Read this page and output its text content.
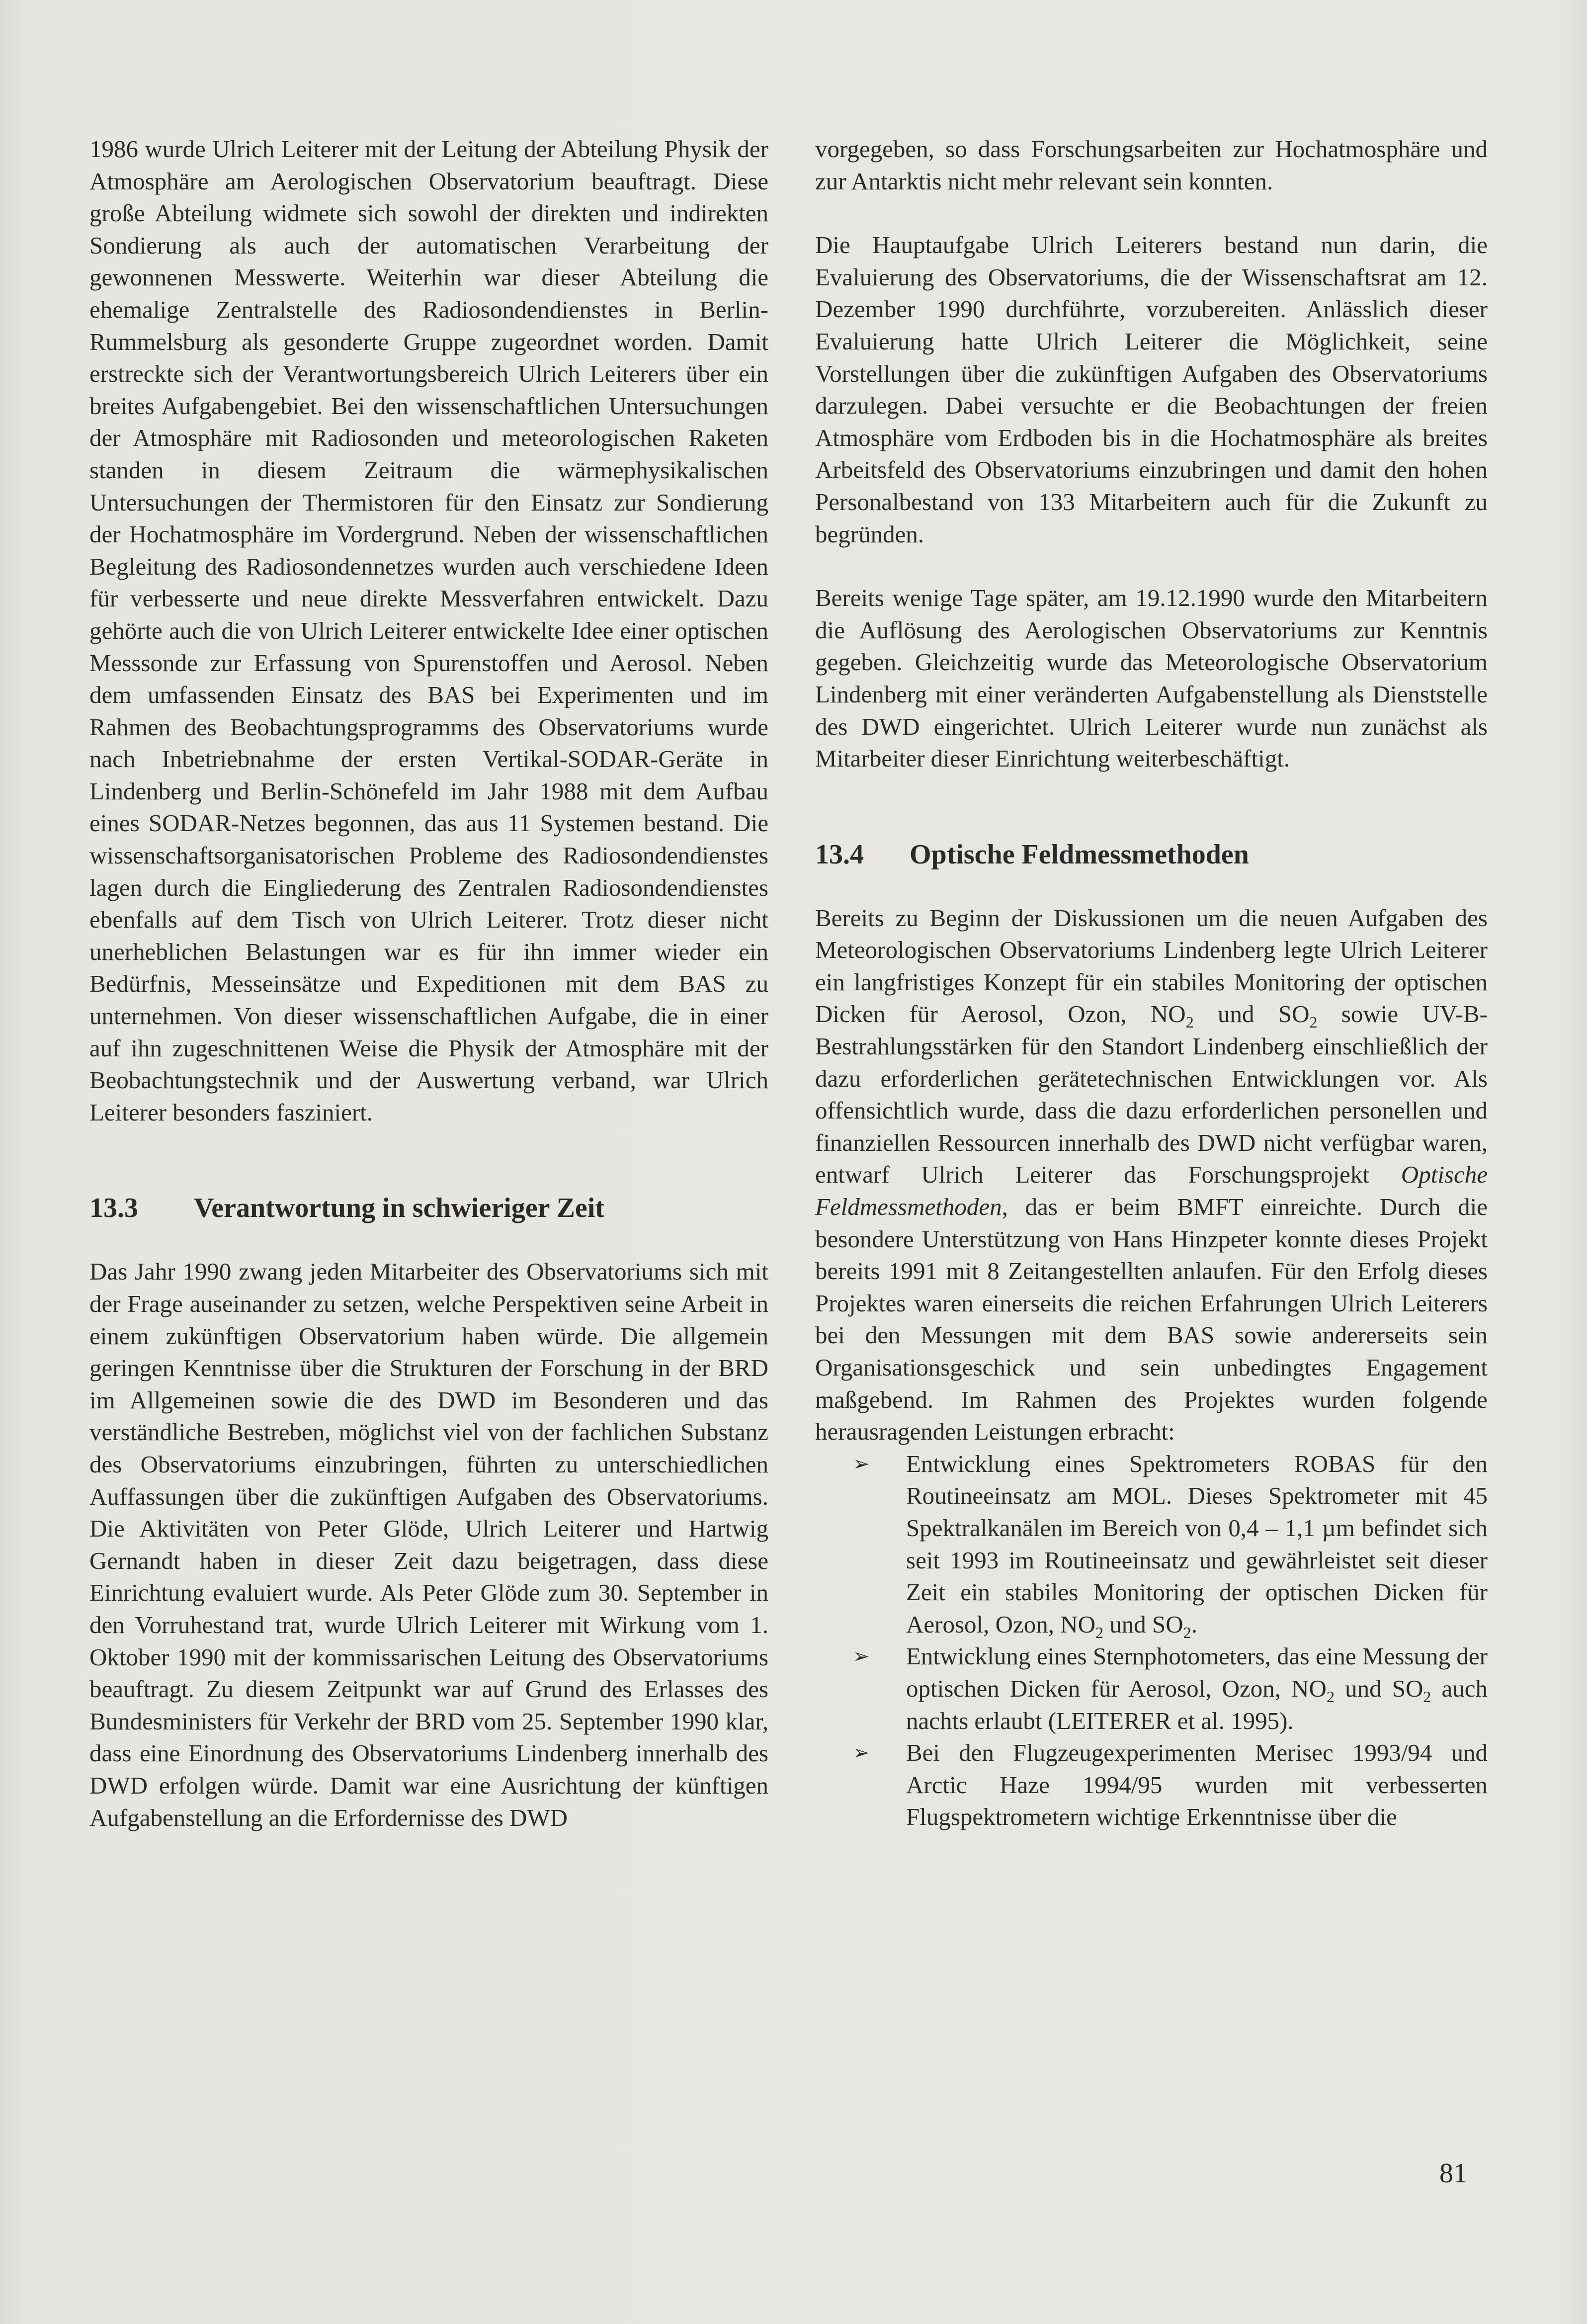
1986 wurde Ulrich Leiterer mit der Leitung der Abteilung Physik der Atmosphäre am Aerologischen Observatorium beauftragt. Diese große Abteilung widmete sich sowohl der direkten und indirekten Sondierung als auch der automatischen Verarbeitung der gewonnenen Messwerte. Weiterhin war dieser Abteilung die ehemalige Zentralstelle des Radiosondendienstes in Berlin-Rummelsburg als gesonderte Gruppe zugeordnet worden. Damit erstreckte sich der Verantwortungsbereich Ulrich Leiterers über ein breites Aufgabengebiet. Bei den wissenschaftlichen Untersuchungen der Atmosphäre mit Radiosonden und meteorologischen Raketen standen in diesem Zeitraum die wärmephysikalischen Untersuchungen der Thermistoren für den Einsatz zur Sondierung der Hochatmosphäre im Vordergrund. Neben der wissenschaftlichen Begleitung des Radiosondennetzes wurden auch verschiedene Ideen für verbesserte und neue direkte Messverfahren entwickelt. Dazu gehörte auch die von Ulrich Leiterer entwickelte Idee einer optischen Messsonde zur Erfassung von Spurenstoffen und Aerosol. Neben dem umfassenden Einsatz des BAS bei Experimenten und im Rahmen des Beobachtungsprogramms des Observatoriums wurde nach Inbetriebnahme der ersten Vertikal-SODAR-Geräte in Lindenberg und Berlin-Schönefeld im Jahr 1988 mit dem Aufbau eines SODAR-Netzes begonnen, das aus 11 Systemen bestand. Die wissenschaftsorganisatorischen Probleme des Radiosondendienstes lagen durch die Eingliederung des Zentralen Radiosondendienstes ebenfalls auf dem Tisch von Ulrich Leiterer. Trotz dieser nicht unerheblichen Belastungen war es für ihn immer wieder ein Bedürfnis, Messeinsätze und Expeditionen mit dem BAS zu unternehmen. Von dieser wissenschaftlichen Aufgabe, die in einer auf ihn zugeschnittenen Weise die Physik der Atmosphäre mit der Beobachtungstechnik und der Auswertung verband, war Ulrich Leiterer besonders fasziniert.

13.3	Verantwortung in schwieriger Zeit

Das Jahr 1990 zwang jeden Mitarbeiter des Observatoriums sich mit der Frage auseinander zu setzen, welche Perspektiven seine Arbeit in einem zukünftigen Observatorium haben würde. Die allgemein geringen Kenntnisse über die Strukturen der Forschung in der BRD im Allgemeinen sowie die des DWD im Besonderen und das verständliche Bestreben, möglichst viel von der fachlichen Substanz des Observatoriums einzubringen, führten zu unterschiedlichen Auffassungen über die zukünftigen Aufgaben des Observatoriums. Die Aktivitäten von Peter Glöde, Ulrich Leiterer und Hartwig Gernandt haben in dieser Zeit dazu beigetragen, dass diese Einrichtung evaluiert wurde. Als Peter Glöde zum 30. September in den Vorruhestand trat, wurde Ulrich Leiterer mit Wirkung vom 1. Oktober 1990 mit der kommissarischen Leitung des Observatoriums beauftragt. Zu diesem Zeitpunkt war auf Grund des Erlasses des Bundesministers für Verkehr der BRD vom 25. September 1990 klar, dass eine Einordnung des Observatoriums Lindenberg innerhalb des DWD erfolgen würde. Damit war eine Ausrichtung der künftigen Aufgabenstellung an die Erfordernisse des DWD

vorgegeben, so dass Forschungsarbeiten zur Hochatmosphäre und zur Antarktis nicht mehr relevant sein konnten.

Die Hauptaufgabe Ulrich Leiterers bestand nun darin, die Evaluierung des Observatoriums, die der Wissenschaftsrat am 12. Dezember 1990 durchführte, vorzubereiten. Anlässlich dieser Evaluierung hatte Ulrich Leiterer die Möglichkeit, seine Vorstellungen über die zukünftigen Aufgaben des Observatoriums darzulegen. Dabei versuchte er die Beobachtungen der freien Atmosphäre vom Erdboden bis in die Hochatmosphäre als breites Arbeitsfeld des Observatoriums einzubringen und damit den hohen Personalbestand von 133 Mitarbeitern auch für die Zukunft zu begründen.

Bereits wenige Tage später, am 19.12.1990 wurde den Mitarbeitern die Auflösung des Aerologischen Observatoriums zur Kenntnis gegeben. Gleichzeitig wurde das Meteorologische Observatorium Lindenberg mit einer veränderten Aufgabenstellung als Dienststelle des DWD eingerichtet. Ulrich Leiterer wurde nun zunächst als Mitarbeiter dieser Einrichtung weiterbeschäftigt.

13.4	Optische Feldmessmethoden

Bereits zu Beginn der Diskussionen um die neuen Aufgaben des Meteorologischen Observatoriums Lindenberg legte Ulrich Leiterer ein langfristiges Konzept für ein stabiles Monitoring der optischen Dicken für Aerosol, Ozon, $NO_2$ und $SO_2$ sowie UV-B-Bestrahlungsstärken für den Standort Lindenberg einschließlich der dazu erforderlichen gerätetechnischen Entwicklungen vor. Als offensichtlich wurde, dass die dazu erforderlichen personellen und finanziellen Ressourcen innerhalb des DWD nicht verfügbar waren, entwarf Ulrich Leiterer das Forschungsprojekt Optische Feldmessmethoden, das er beim BMFT einreichte. Durch die besondere Unterstützung von Hans Hinzpeter konnte dieses Projekt bereits 1991 mit 8 Zeitangestellten anlaufen. Für den Erfolg dieses Projektes waren einerseits die reichen Erfahrungen Ulrich Leiterers bei den Messungen mit dem BAS sowie andererseits sein Organisationsgeschick und sein unbedingtes Engagement maßgebend. Im Rahmen des Projektes wurden folgende herausragenden Leistungen erbracht:

➢ Entwicklung eines Spektrometers ROBAS für den Routineeinsatz am MOL. Dieses Spektrometer mit 45 Spektralkanälen im Bereich von 0,4 – 1,1 µm befindet sich seit 1993 im Routineeinsatz und gewährleistet seit dieser Zeit ein stabiles Monitoring der optischen Dicken für Aerosol, Ozon, $NO_2$ und $SO_2$.
➢ Entwicklung eines Sternphotometers, das eine Messung der optischen Dicken für Aerosol, Ozon, $NO_2$ und $SO_2$ auch nachts erlaubt (LEITERER et al. 1995).
➢ Bei den Flugzeugexperimenten Merisec 1993/94 und Arctic Haze 1994/95 wurden mit verbesserten Flugspektrometern wichtige Erkenntnisse über die
81
